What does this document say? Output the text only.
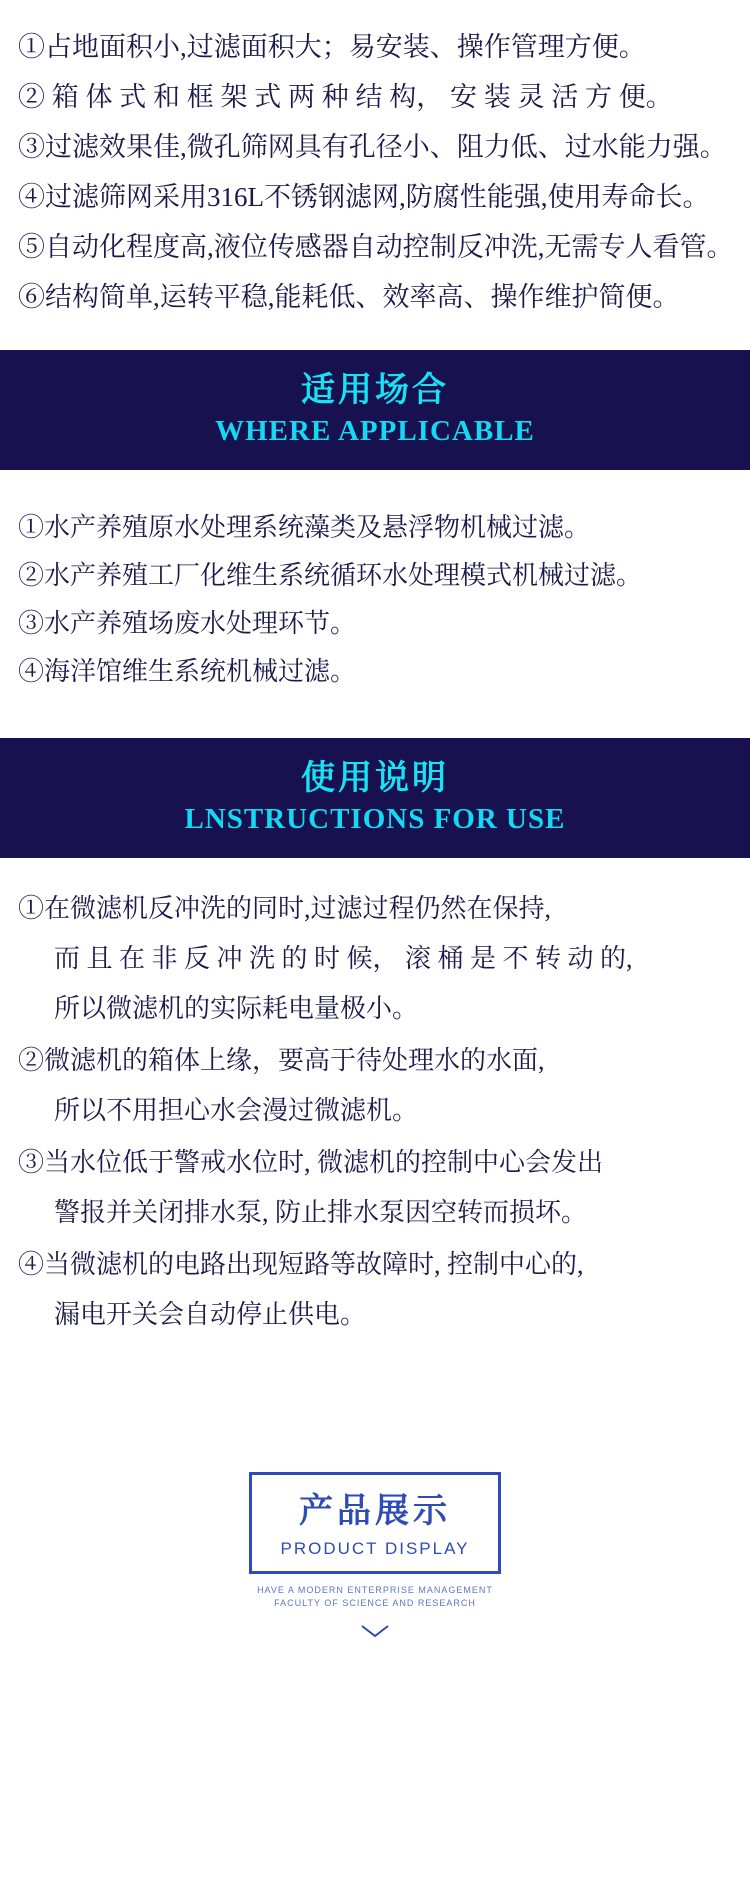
①占地面积小,过滤面积大；易安装、操作管理方便。
② 箱 体 式 和 框 架 式 两 种 结 构， 安 装 灵 活 方 便。
③过滤效果佳,微孔筛网具有孔径小、阻力低、过水能力强。
④过滤筛网采用316L不锈钢滤网,防腐性能强,使用寿命长。
⑤自动化程度高,液位传感器自动控制反冲洗,无需专人看管。
⑥结构简单,运转平稳,能耗低、效率高、操作维护简便。
适用场合
WHERE APPLICABLE
①水产养殖原水处理系统藻类及悬浮物机械过滤。
②水产养殖工厂化维生系统循环水处理模式机械过滤。
③水产养殖场废水处理环节。
④海洋馆维生系统机械过滤。
使用说明
LNSTRUCTIONS FOR USE
①在微滤机反冲洗的同时,过滤过程仍然在保持,
而 且 在 非 反 冲 洗 的 时 候， 滚 桶 是 不 转 动 的,
所以微滤机的实际耗电量极小。
②微滤机的箱体上缘，要高于待处理水的水面,
所以不用担心水会漫过微滤机。
③当水位低于警戒水位时, 微滤机的控制中心会发出
警报并关闭排水泵, 防止排水泵因空转而损坏。
④当微滤机的电路出现短路等故障时, 控制中心的,
漏电开关会自动停止供电。
产品展示 PRODUCT DISPLAY
HAVE A MODERN ENTERPRISE MANAGEMENT
FACULTY OF SCIENCE AND RESEARCH
